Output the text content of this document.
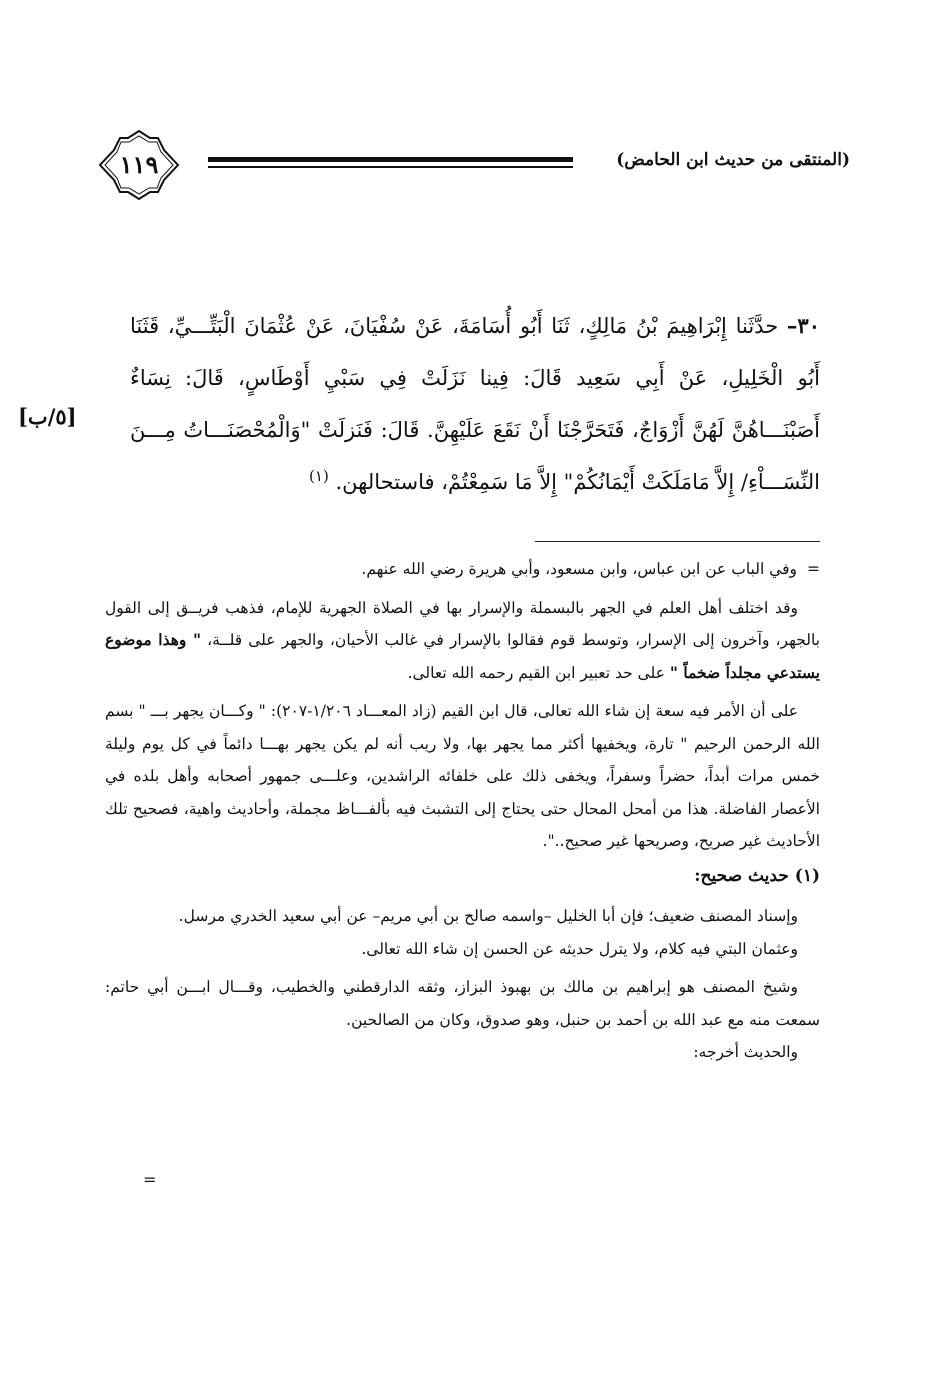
١١٩	(المنتقى من حديث ابن الحامض)
[٥/ب]
٣٠– حدَّثَنا إِبْرَاهِيمَ بْنُ مَالِكٍ، ثَنَا أَبُو أُسَامَةَ، عَنْ سُفْيَانَ، عَنْ عُثْمَانَ الْبَتِّـــيِّ، قَثَنَا أَبُو الْخَلِيلِ، عَنْ أَبِي سَعِيد قَالَ: فِينا نَزَلَتْ فِي سَبْيِ أَوْطَاسٍ، قَالَ: نِسَاءٌ أَصَبْنَـــاهُنَّ لَهُنَّ أَزْوَاجٌ، فَتَحَرَّجْنَا أَنْ نَقَعَ عَلَيْهِنَّ. قَالَ: فَنَزلَتْ "وَالْمُحْصَنَـــاتُ مِـــنَ النِّسَـــاْءِ/ إِلاَّ مَامَلَكَتْ أَيْمَانُكُمْ" إِلاَّ مَا سَمِعْتُمْ، فاستحالهن. $^{(١)}$

=وفي الباب عن ابن عباس، وابن مسعود، وأبي هريرة رضي الله عنهم.

وقد اختلف أهل العلم في الجهر بالبسملة والإسرار بها في الصلاة الجهرية للإمام، فذهب فريــق إلى القول بالجهر، وآخرون إلى الإسرار، وتوسط قوم فقالوا بالإسرار في غالب الأحيان، والجهر على قلــة، " وهذا موضوع يستدعي مجلداً ضخماً " على حد تعبير ابن القيم رحمه الله تعالى.

على أن الأمر فيه سعة إن شاء الله تعالى، قال ابن القيم (زاد المعـــاد ١/٢٠٦-٢٠٧): " وكـــان يجهر بـــ " بسم الله الرحمن الرحيم " تارة، ويخفيها أكثر مما يجهر بها، ولا ريب أنه لم يكن يجهر بهـــا دائماً في كل يوم وليلة خمس مرات أبداً، حضراً وسفراً، ويخفى ذلك على خلفائه الراشدين، وعلـــى جمهور أصحابه وأهل بلده في الأعصار الفاضلة. هذا من أمحل المحال حتى يحتاج إلى التشبث فيه بألفـــاظ مجملة، وأحاديث واهية، فصحيح تلك الأحاديث غير صريح، وصريحها غير صحيح..".

(١) حديث صحيح:

وإسناد المصنف ضعيف؛ فإن أبا الخليل –واسمه صالح بن أبي مريم– عن أبي سعيد الخدري مرسل.

وعثمان البتي فيه كلام، ولا يترل حديثه عن الحسن إن شاء الله تعالى.

وشيخ المصنف هو إبراهيم بن مالك بن بهبوذ البزاز، وثقه الدارقطني والخطيب، وقـــال ابـــن أبي حاتم: سمعت منه مع عبد الله بن أحمد بن حنبل، وهو صدوق، وكان من الصالحين.

والحديث أخرجه:

=
